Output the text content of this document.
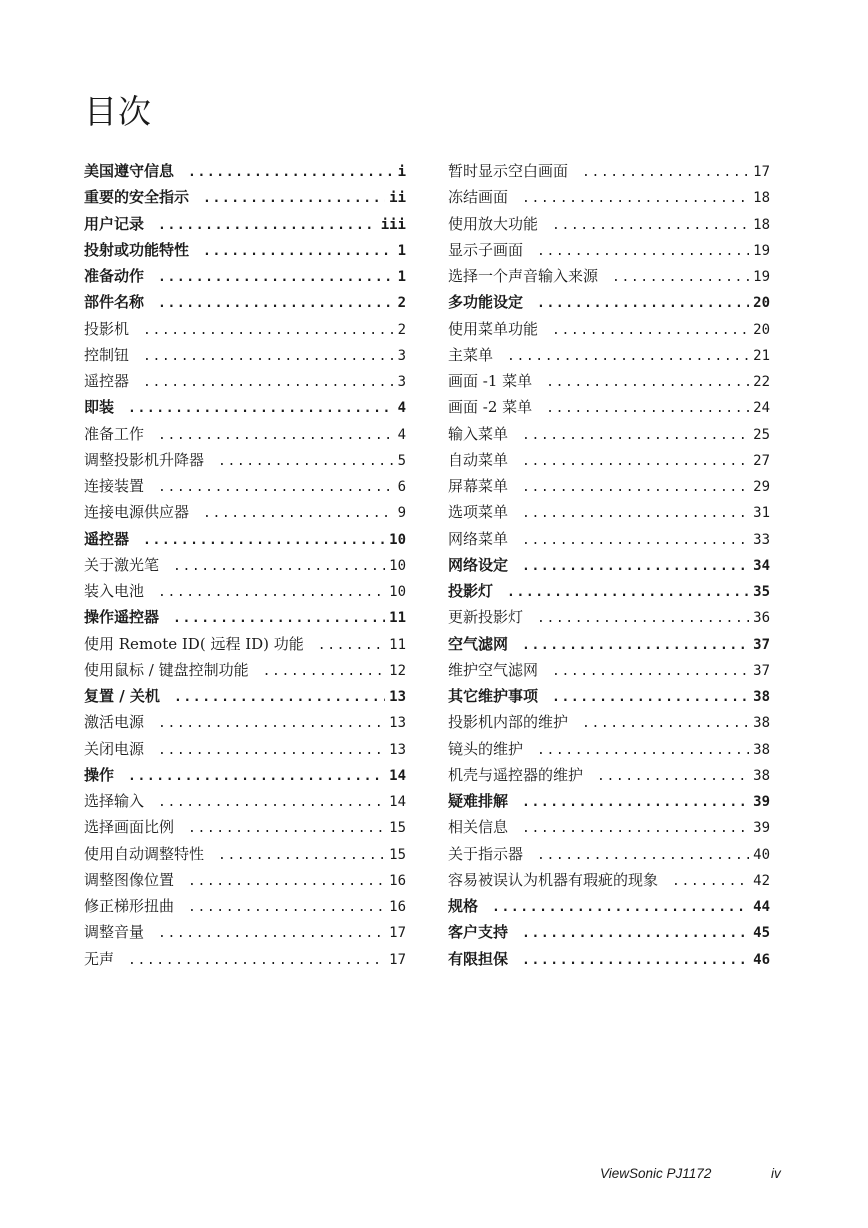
目次
美国遵守信息 .....	i
重要的安全指示 .....	ii
用户记录 .....	iii
投射或功能特性 .....	1
准备动作 .....	1
部件名称 .....	2
投影机 .....	2
控制钮 .....	3
遥控器 .....	3
即装 .....	4
准备工作 .....	4
调整投影机升降器 .....	5
连接装置 .....	6
连接电源供应器 .....	9
遥控器 .....	10
关于激光笔 .....	10
装入电池 .....	10
操作遥控器 .....	11
使用 Remote ID( 远程 ID) 功能 .....	11
使用鼠标 / 键盘控制功能 .....	12
复置 / 关机 .....	13
激活电源 .....	13
关闭电源 .....	13
操作 .....	14
选择输入 .....	14
选择画面比例 .....	15
使用自动调整特性 .....	15
调整图像位置 .....	16
修正梯形扭曲 .....	16
调整音量 .....	17
无声 .....	17
暂时显示空白画面 .....	17
冻结画面 .....	18
使用放大功能 .....	18
显示子画面 .....	19
选择一个声音输入来源 .....	19
多功能设定 .....	20
使用菜单功能 .....	20
主菜单 .....	21
画面 -1 菜单 .....	22
画面 -2 菜单 .....	24
输入菜单 .....	25
自动菜单 .....	27
屏幕菜单 .....	29
选项菜单 .....	31
网络菜单 .....	33
网络设定 .....	34
投影灯 .....	35
更新投影灯 .....	36
空气滤网 .....	37
维护空气滤网 .....	37
其它维护事项 .....	38
投影机内部的维护 .....	38
镜头的维护 .....	38
机壳与遥控器的维护 .....	38
疑难排解 .....	39
相关信息 .....	39
关于指示器 .....	40
容易被误认为机器有瑕疵的现象 .....	42
规格 .....	44
客户支持 .....	45
有限担保 .....	46
ViewSonic PJ1172	iv
